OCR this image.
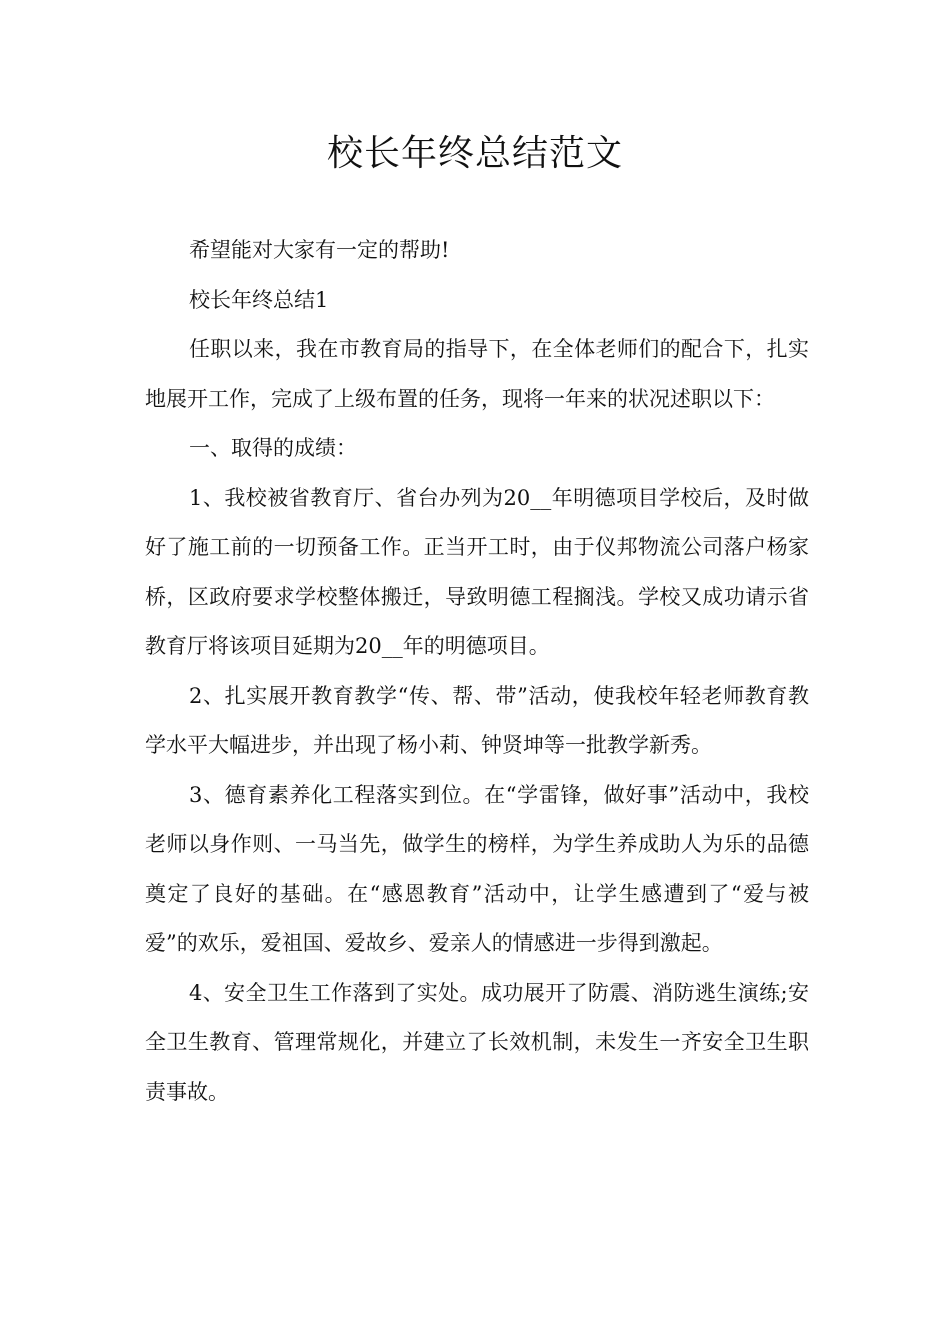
校长年终总结范文

希望能对大家有一定的帮助!

校长年终总结1

任职以来，我在市教育局的指导下，在全体老师们的配合下，扎实地展开工作，完成了上级布置的任务，现将一年来的状况述职以下：

一、取得的成绩：

1、我校被省教育厅、省台办列为20__年明德项目学校后，及时做好了施工前的一切预备工作。正当开工时，由于仪邦物流公司落户杨家桥，区政府要求学校整体搬迁，导致明德工程搁浅。学校又成功请示省教育厅将该项目延期为20__年的明德项目。

2、扎实展开教育教学“传、帮、带”活动，使我校年轻老师教育教学水平大幅进步，并出现了杨小莉、钟贤坤等一批教学新秀。

3、德育素养化工程落实到位。在“学雷锋，做好事”活动中，我校老师以身作则、一马当先，做学生的榜样，为学生养成助人为乐的品德奠定了良好的基础。在“感恩教育”活动中，让学生感遭到了“爱与被爱”的欢乐，爱祖国、爱故乡、爱亲人的情感进一步得到激起。

4、安全卫生工作落到了实处。成功展开了防震、消防逃生演练;安全卫生教育、管理常规化，并建立了长效机制，未发生一齐安全卫生职责事故。
